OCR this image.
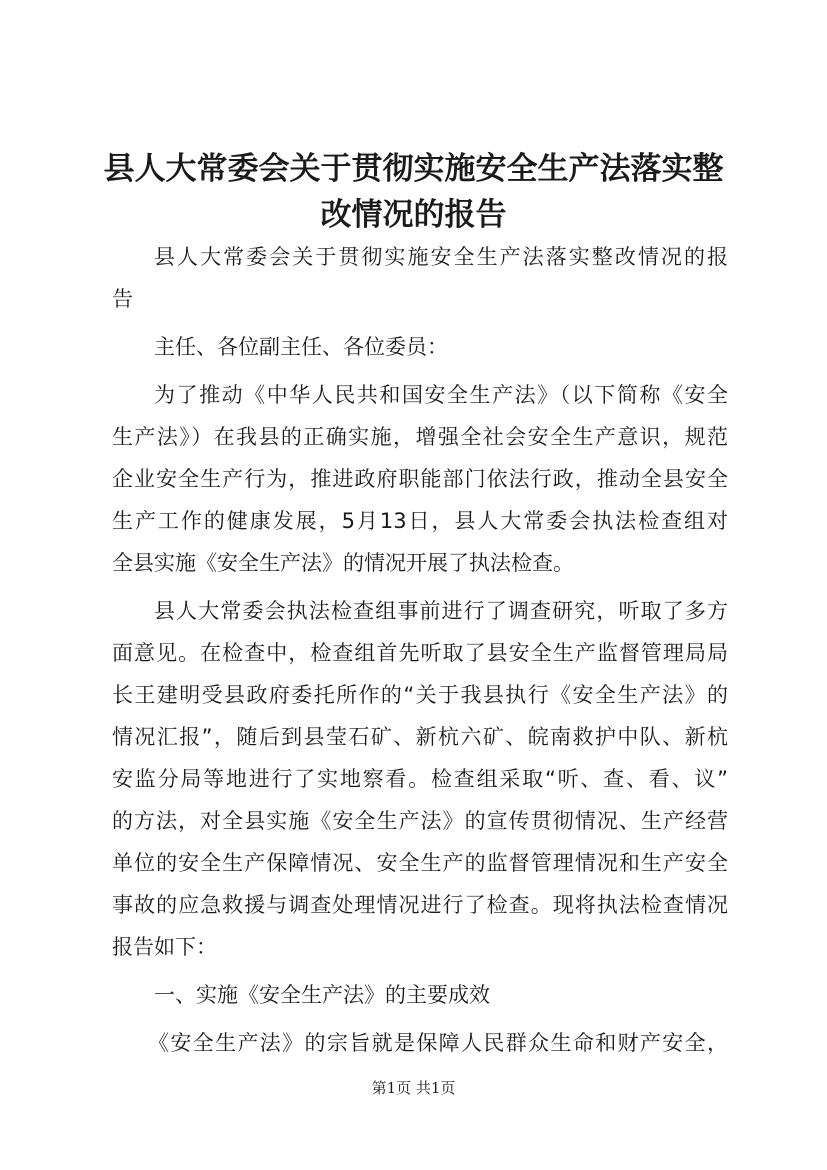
县人大常委会关于贯彻实施安全生产法落实整
改情况的报告
县人大常委会关于贯彻实施安全生产法落实整改情况的报
告
主任、各位副主任、各位委员：
为了推动《中华人民共和国安全生产法》（以下简称《安全
生产法》）在我县的正确实施，增强全社会安全生产意识，规范
企业安全生产行为，推进政府职能部门依法行政，推动全县安全
生产工作的健康发展，5月13日，县人大常委会执法检查组对
全县实施《安全生产法》的情况开展了执法检查。
县人大常委会执法检查组事前进行了调查研究，听取了多方
面意见。在检查中，检查组首先听取了县安全生产监督管理局局
长王建明受县政府委托所作的“关于我县执行《安全生产法》的
情况汇报”，随后到县莹石矿、新杭六矿、皖南救护中队、新杭
安监分局等地进行了实地察看。检查组采取“听、查、看、议”
的方法，对全县实施《安全生产法》的宣传贯彻情况、生产经营
单位的安全生产保障情况、安全生产的监督管理情况和生产安全
事故的应急救援与调查处理情况进行了检查。现将执法检查情况
报告如下：
一、实施《安全生产法》的主要成效
《安全生产法》的宗旨就是保障人民群众生命和财产安全，
第1页 共1页
